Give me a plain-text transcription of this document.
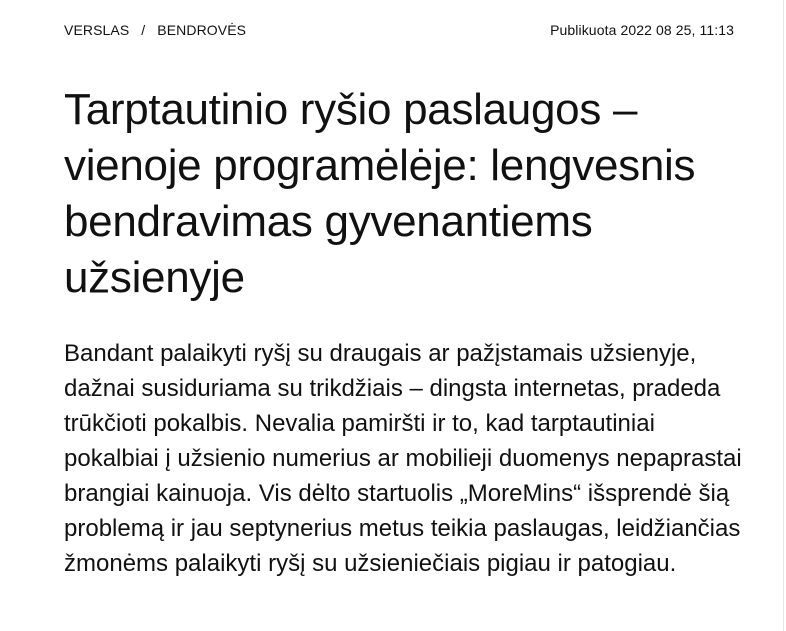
VERSLAS / BENDROVĖS	Publikuota 2022 08 25, 11:13
Tarptautinio ryšio paslaugos – vienoje programėlėje: lengvesnis bendravimas gyvenantiems užsienyje

Bandant palaikyti ryšį su draugais ar pažįstamais užsienyje, dažnai susiduriama su trikdžiais – dingsta internetas, pradeda trūkčioti pokalbis. Nevalia pamiršti ir to, kad tarptautiniai pokalbiai į užsienio numerius ar mobilieji duomenys nepaprastai brangiai kainuoja. Vis dėlto startuolis „MoreMins“ išsprendė šią problemą ir jau septynerius metus teikia paslaugas, leidžiančias žmonėms palaikyti ryšį su užsieniečiais pigiau ir patogiau.
